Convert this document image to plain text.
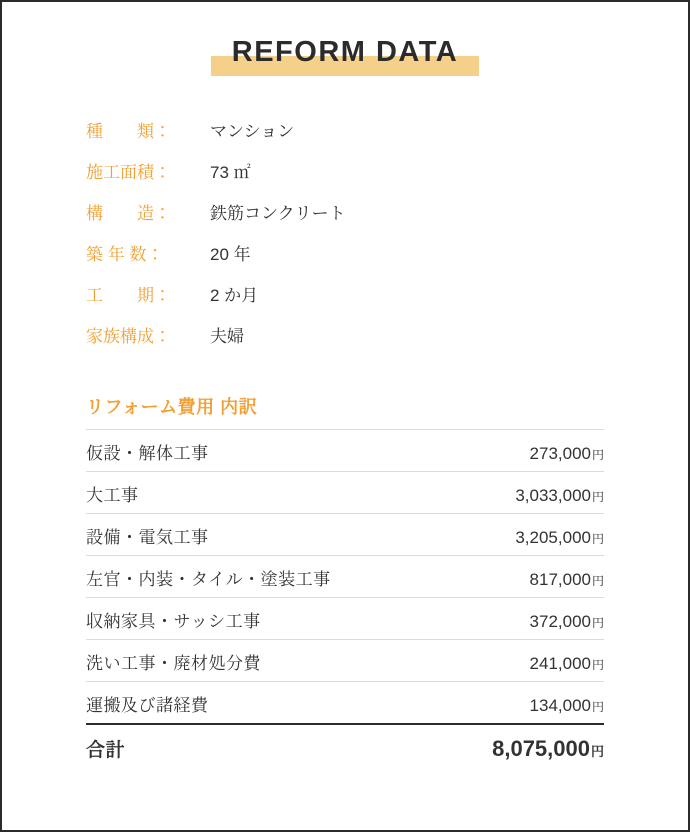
REFORM DATA
種　　類：	マンション
施工面積：	73 ㎡
構　　造：	鉄筋コンクリート
築 年 数：	20 年
工　　期：	2 か月
家族構成：	夫婦
リフォーム費用 内訳
仮設・解体工事	273,000円
大工事	3,033,000円
設備・電気工事	3,205,000円
左官・内装・タイル・塗装工事	817,000円
収納家具・サッシ工事	372,000円
洗い工事・廃材処分費	241,000円
運搬及び諸経費	134,000円
合計	8,075,000円
